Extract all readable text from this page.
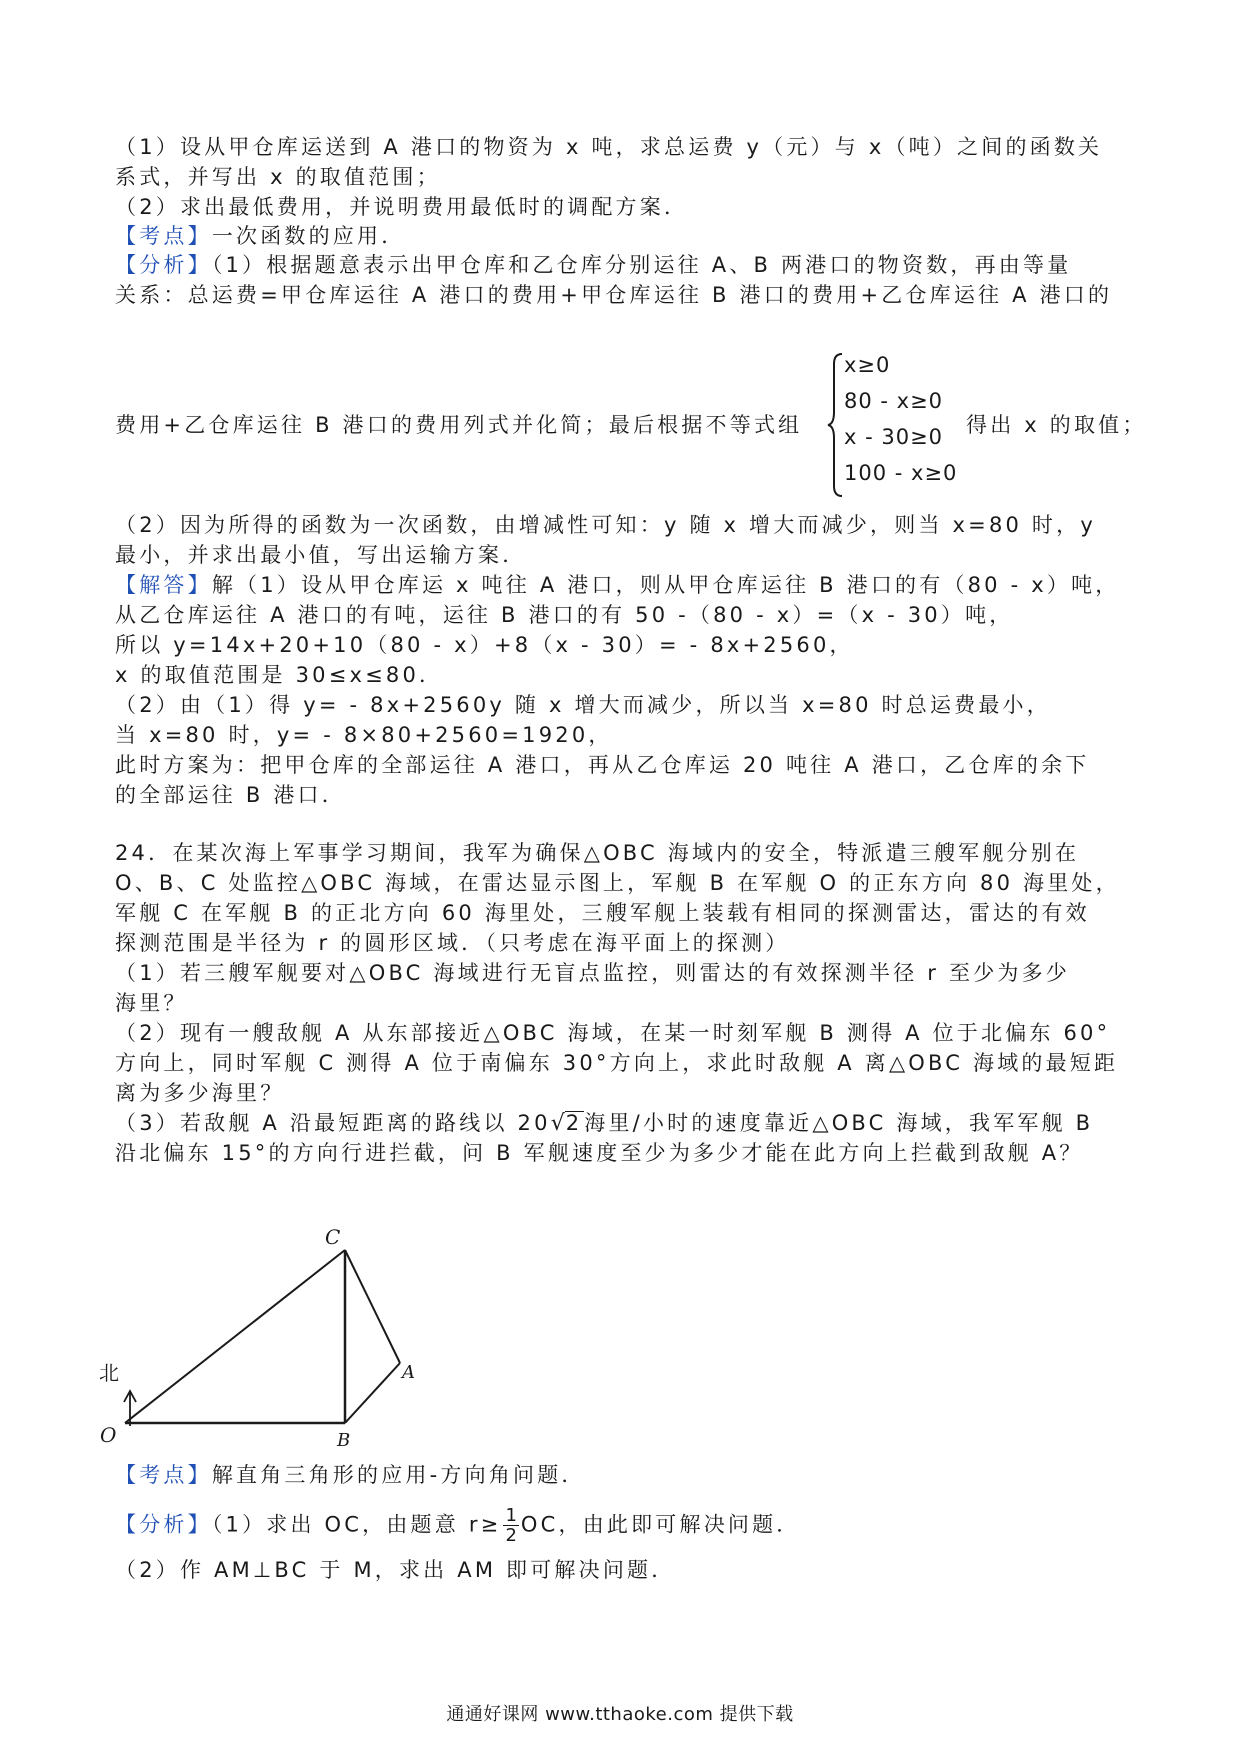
（1）设从甲仓库运送到 A 港口的物资为 x 吨，求总运费 y（元）与 x（吨）之间的函数关
系式，并写出 x 的取值范围；
（2）求出最低费用，并说明费用最低时的调配方案．
【考点】一次函数的应用．
【分析】（1）根据题意表示出甲仓库和乙仓库分别运往 A、B 两港口的物资数，再由等量
关系：总运费=甲仓库运往 A 港口的费用+甲仓库运往 B 港口的费用+乙仓库运往 A 港口的
费用+乙仓库运往 B 港口的费用列式并化简；最后根据不等式组
x≥0
80 - x≥0
x - 30≥0
100 - x≥0
得出 x 的取值；
（2）因为所得的函数为一次函数，由增减性可知：y 随 x 增大而减少，则当 x=80 时，y
最小，并求出最小值，写出运输方案．
【解答】解（1）设从甲仓库运 x 吨往 A 港口，则从甲仓库运往 B 港口的有（80 - x）吨，
从乙仓库运往 A 港口的有吨，运往 B 港口的有 50 -（80 - x）=（x - 30）吨，
所以 y=14x+20+10（80 - x）+8（x - 30）= - 8x+2560，
x 的取值范围是 30≤x≤80．
（2）由（1）得 y= - 8x+2560y 随 x 增大而减少，所以当 x=80 时总运费最小，
当 x=80 时，y= - 8×80+2560=1920，
此时方案为：把甲仓库的全部运往 A 港口，再从乙仓库运 20 吨往 A 港口，乙仓库的余下
的全部运往 B 港口．
24．在某次海上军事学习期间，我军为确保△OBC 海域内的安全，特派遣三艘军舰分别在
O、B、C 处监控△OBC 海域，在雷达显示图上，军舰 B 在军舰 O 的正东方向 80 海里处，
军舰 C 在军舰 B 的正北方向 60 海里处，三艘军舰上装载有相同的探测雷达，雷达的有效
探测范围是半径为 r 的圆形区域．（只考虑在海平面上的探测）
（1）若三艘军舰要对△OBC 海域进行无盲点监控，则雷达的有效探测半径 r 至少为多少
海里？
（2）现有一艘敌舰 A 从东部接近△OBC 海域，在某一时刻军舰 B 测得 A 位于北偏东 60°
方向上，同时军舰 C 测得 A 位于南偏东 30°方向上，求此时敌舰 A 离△OBC 海域的最短距
离为多少海里？
（3）若敌舰 A 沿最短距离的路线以 20√2海里/小时的速度靠近△OBC 海域，我军军舰 B
沿北偏东 15°的方向行进拦截，问 B 军舰速度至少为多少才能在此方向上拦截到敌舰 A？
北
C
A
O	B
【考点】解直角三角形的应用-方向角问题．
【分析】（1）求出 OC，由题意 $r\ge \frac{1}{2}$ OC，由此即可解决问题．
（2）作 AM⊥BC 于 M，求出 AM 即可解决问题．
通通好课网 www.tthaoke.com 提供下载
